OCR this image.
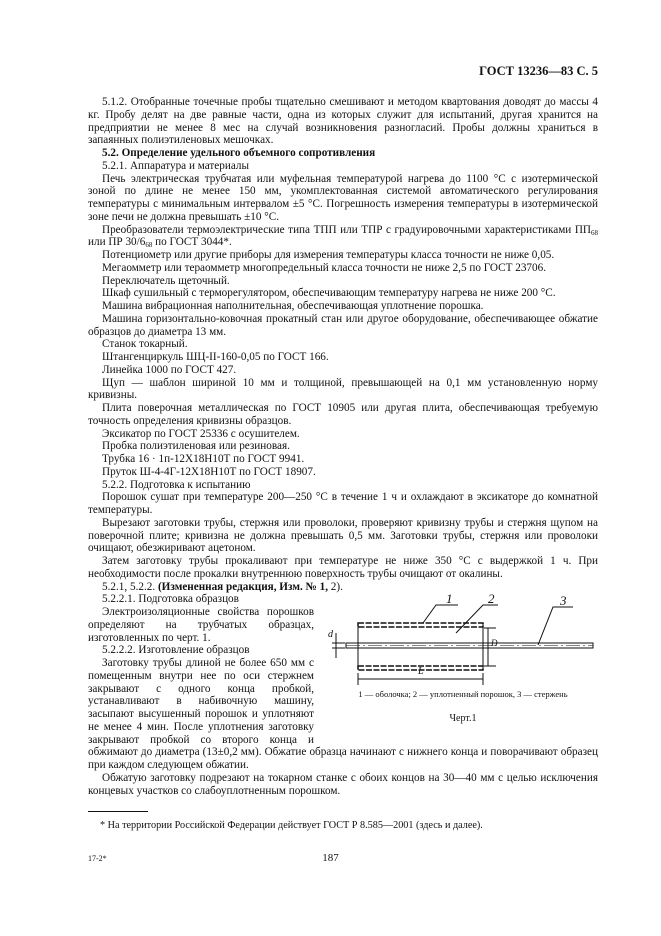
ГОСТ 13236—83 С. 5

5.1.2. Отобранные точечные пробы тщательно смешивают и методом квартования доводят до массы 4 кг. Пробу делят на две равные части, одна из которых служит для испытаний, другая хранится на предприятии не менее 8 мес на случай возникновения разногласий. Пробы должны храниться в запаянных полиэтиленовых мешочках.

5.2. Определение удельного объемного сопротивления

5.2.1. Аппаратура и материалы

Печь электрическая трубчатая или муфельная температурой нагрева до 1100 °С с изотермической зоной по длине не менее 150 мм, укомплектованная системой автоматического регулирования температуры с минимальным интервалом ±5 °С. Погрешность измерения температуры в изотермической зоне печи не должна превышать ±10 °С.

Преобразователи термоэлектрические типа ТПП или ТПР с градуировочными характеристиками $ПП_{68}$ или ПР $30/6_{68}$ по ГОСТ 3044*.

Потенциометр или другие приборы для измерения температуры класса точности не ниже 0,05.

Мегаомметр или тераомметр многопредельный класса точности не ниже 2,5 по ГОСТ 23706.

Переключатель щеточный.

Шкаф сушильный с терморегулятором, обеспечивающим температуру нагрева не ниже 200 °С.

Машина вибрационная наполнительная, обеспечивающая уплотнение порошка.

Машина горизонтально-ковочная прокатный стан или другое оборудование, обеспечивающее обжатие образцов до диаметра 13 мм.

Станок токарный.

Штангенциркуль ШЦ-II-160-0,05 по ГОСТ 166.

Линейка 1000 по ГОСТ 427.

Щуп — шаблон шириной 10 мм и толщиной, превышающей на 0,1 мм установленную норму кривизны.

Плита поверочная металлическая по ГОСТ 10905 или другая плита, обеспечивающая требуемую точность определения кривизны образцов.

Эксикатор по ГОСТ 25336 с осушителем.

Пробка полиэтиленовая или резиновая.

Трубка 16 · 1п-12Х18Н10Т по ГОСТ 9941.

Пруток Ш-4-4Г-12Х18Н10Т по ГОСТ 18907.

5.2.2. Подготовка к испытанию

Порошок сушат при температуре 200—250 °С в течение 1 ч и охлаждают в эксикаторе до комнатной температуры.

Вырезают заготовки трубы, стержня или проволоки, проверяют кривизну трубы и стержня щупом на поверочной плите; кривизна не должна превышать 0,5 мм. Заготовки трубы, стержня или проволоки очищают, обезжиривают ацетоном.

Затем заготовку трубы прокаливают при температуре не ниже 350 °С с выдержкой 1 ч. При необходимости после прокалки внутреннюю поверхность трубы очищают от окалины.

5.2.1, 5.2.2. (Измененная редакция, Изм. № 1, 2).

1	2	3
d
D
L
1 — оболочка; 2 — уплотненный порошок, 3 — стержень
Черт.1

5.2.2.1. Подготовка образцов

Электроизоляционные свойства порошков определяют на трубчатых образцах, изготовленных по черт. 1.

5.2.2.2. Изготовление образцов

Заготовку трубы длиной не более 650 мм с помещенным внутри нее по оси стержнем закрывают с одного конца пробкой, устанавливают в набивочную машину, засыпают высушенный порошок и уплотняют не менее 4 мин. После уплотнения заготовку закрывают пробкой со второго конца и обжимают до диаметра (13±0,2 мм). Обжатие образца начинают с нижнего конца и поворачивают образец при каждом следующем обжатии.

Обжатую заготовку подрезают на токарном станке с обоих концов на 30—40 мм с целью исключения концевых участков со слабоуплотненным порошком.

* На территории Российской Федерации действует ГОСТ Р 8.585—2001 (здесь и далее).

17-2*	187
